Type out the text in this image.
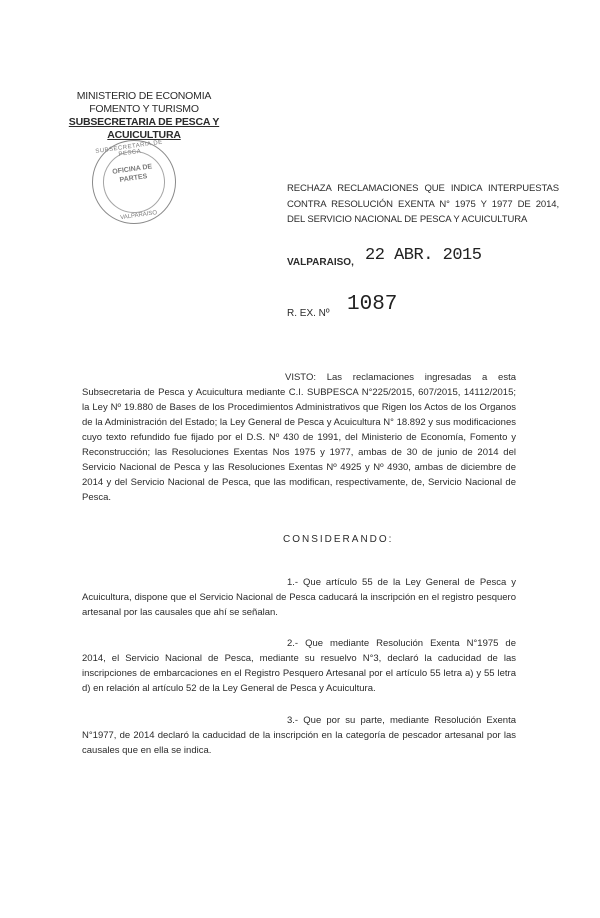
MINISTERIO DE ECONOMIA
FOMENTO Y TURISMO
SUBSECRETARIA DE PESCA Y ACUICULTURA
SUBSECRETARIA DE PESCA
OFICINA DE
PARTES
VALPARAISO
RECHAZA RECLAMACIONES QUE INDICA INTERPUESTAS CONTRA RESOLUCIÓN EXENTA N° 1975 Y 1977 DE 2014, DEL SERVICIO NACIONAL DE PESCA Y ACUICULTURA
VALPARAISO, 22 ABR. 2015
R. EX. Nº 1087
VISTO: Las reclamaciones ingresadas a esta Subsecretaria de Pesca y Acuicultura mediante C.I. SUBPESCA N°225/2015, 607/2015, 14112/2015; la Ley Nº 19.880 de Bases de los Procedimientos Administrativos que Rigen los Actos de los Organos de la Administración del Estado; la Ley General de Pesca y Acuicultura N° 18.892 y sus modificaciones cuyo texto refundido fue fijado por el D.S. Nº 430 de 1991, del Ministerio de Economía, Fomento y Reconstrucción; las Resoluciones Exentas Nos 1975 y 1977, ambas de 30 de junio de 2014 del Servicio Nacional de Pesca y las Resoluciones Exentas Nº 4925 y Nº 4930, ambas de diciembre de 2014 y del Servicio Nacional de Pesca, que las modifican, respectivamente, de, Servicio Nacional de Pesca.
CONSIDERANDO:
1.- Que artículo 55 de la Ley General de Pesca y Acuicultura, dispone que el Servicio Nacional de Pesca caducará la inscripción en el registro pesquero artesanal por las causales que ahí se señalan.
2.- Que mediante Resolución Exenta N°1975 de 2014, el Servicio Nacional de Pesca, mediante su resuelvo N°3, declaró la caducidad de las inscripciones de embarcaciones en el Registro Pesquero Artesanal por el artículo 55 letra a) y 55 letra d) en relación al artículo 52 de la Ley General de Pesca y Acuicultura.
3.- Que por su parte, mediante Resolución Exenta N°1977, de 2014 declaró la caducidad de la inscripción en la categoría de pescador artesanal por las causales que en ella se indica.
